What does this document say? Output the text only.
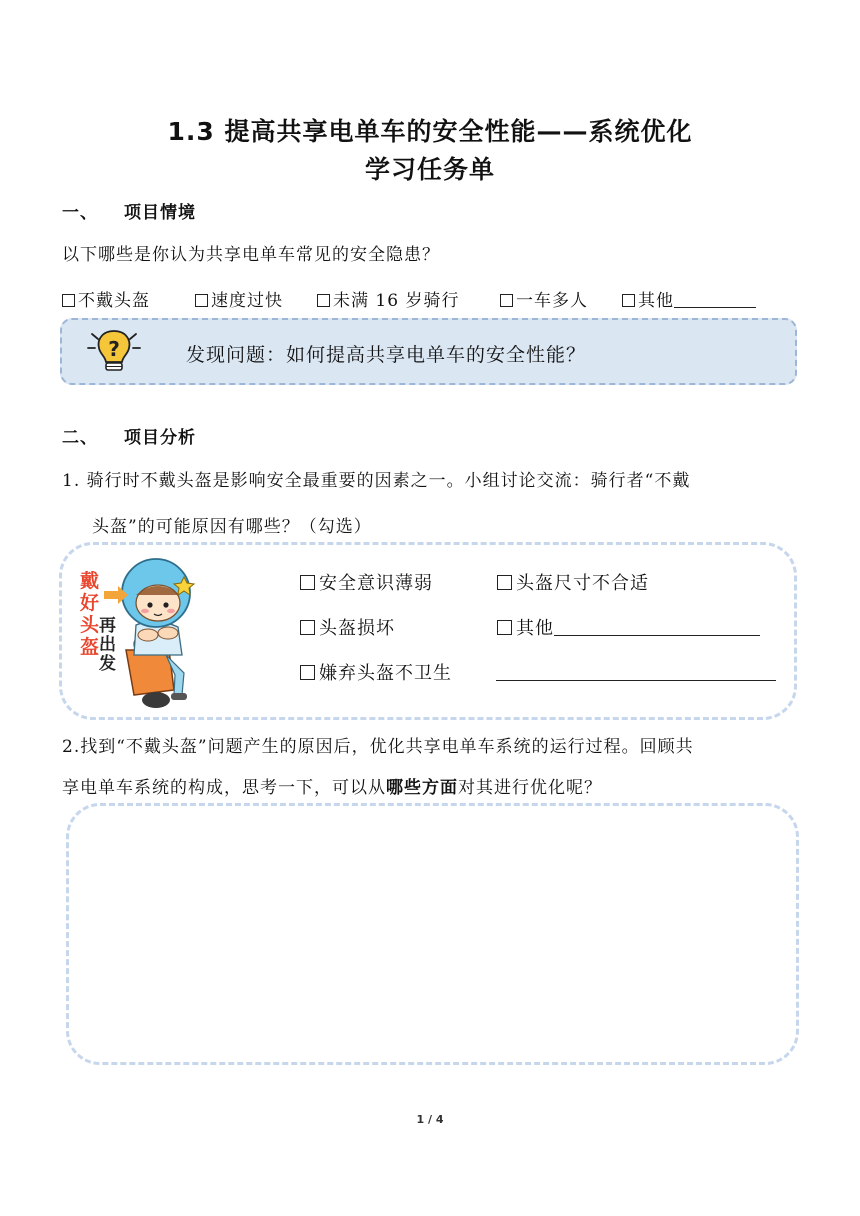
1.3 提高共享电单车的安全性能——系统优化
学习任务单
一、 项目情境
以下哪些是你认为共享电单车常见的安全隐患？
不戴头盔	速度过快	未满 16 岁骑行	一车多人	其他
?	发现问题：如何提高共享电单车的安全性能？
二、 项目分析
1. 骑行时不戴头盔是影响安全最重要的因素之一。小组讨论交流：骑行者“不戴
头盔”的可能原因有哪些？（勾选）
戴好头盔
再出发
安全意识薄弱	头盔尺寸不合适
头盔损坏	其他
嫌弃头盔不卫生
2.找到“不戴头盔”问题产生的原因后，优化共享电单车系统的运行过程。回顾共
享电单车系统的构成，思考一下，可以从哪些方面对其进行优化呢？
1 / 4
